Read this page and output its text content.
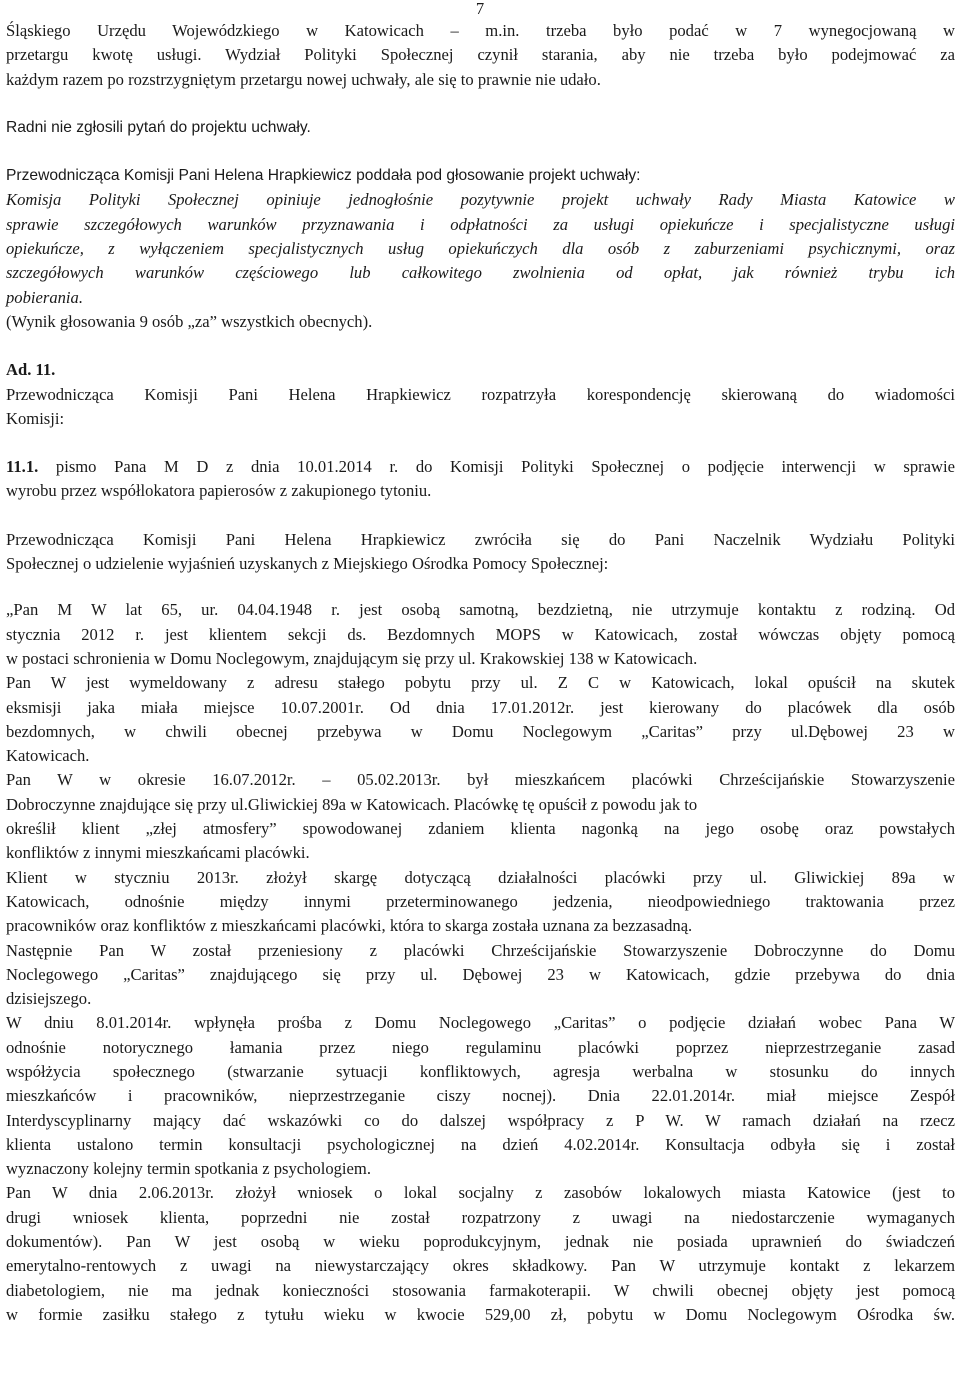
7
Śląskiego Urzędu Wojewódzkiego w Katowicach – m.in. trzeba było podać w 7 wynegocjowaną w
przetargu kwotę usługi. Wydział Polityki Społecznej czynił starania, aby nie trzeba było podejmować za
każdym razem po rozstrzygniętym przetargu nowej uchwały, ale się to prawnie nie udało.
Radni nie zgłosili pytań do projektu uchwały.
Przewodnicząca Komisji Pani Helena Hrapkiewicz poddała pod głosowanie projekt uchwały:
Komisja Polityki Społecznej opiniuje jednogłośnie pozytywnie projekt uchwały Rady Miasta Katowice w
sprawie szczegółowych warunków przyznawania i odpłatności za usługi opiekuńcze i specjalistyczne usługi
opiekuńcze, z wyłączeniem specjalistycznych usług opiekuńczych dla osób z zaburzeniami psychicznymi, oraz
szczegółowych warunków częściowego lub całkowitego zwolnienia od opłat, jak również trybu ich
pobierania.
(Wynik głosowania 9 osób „za” wszystkich obecnych).
Ad. 11.
Przewodnicząca Komisji Pani Helena Hrapkiewicz rozpatrzyła korespondencję skierowaną do wiadomości
Komisji:
11.1. pismo Pana M D z dnia 10.01.2014 r. do Komisji Polityki Społecznej o podjęcie interwencji w sprawie
wyrobu przez współlokatora papierosów z zakupionego tytoniu.
Przewodnicząca Komisji Pani Helena Hrapkiewicz zwróciła się do Pani Naczelnik Wydziału Polityki
Społecznej o udzielenie wyjaśnień uzyskanych z Miejskiego Ośrodka Pomocy Społecznej:
„Pan M W lat 65, ur. 04.04.1948 r. jest osobą samotną, bezdzietną, nie utrzymuje kontaktu z rodziną. Od
stycznia 2012 r. jest klientem sekcji ds. Bezdomnych MOPS w Katowicach, został wówczas objęty pomocą
w postaci schronienia w Domu Noclegowym, znajdującym się przy ul. Krakowskiej 138 w Katowicach.
Pan W jest wymeldowany z adresu stałego pobytu przy ul. Z C w Katowicach, lokal opuścił na skutek
eksmisji jaka miała miejsce 10.07.2001r. Od dnia 17.01.2012r. jest kierowany do placówek dla osób
bezdomnych, w chwili obecnej przebywa w Domu Noclegowym „Caritas” przy ul.Dębowej 23 w
Katowicach.
Pan W w okresie 16.07.2012r. – 05.02.2013r. był mieszkańcem placówki Chrześcijańskie Stowarzyszenie
Dobroczynne znajdujące się przy ul.Gliwickiej 89a w Katowicach. Placówkę tę opuścił z powodu jak to
określił klient „złej atmosfery” spowodowanej zdaniem klienta nagonką na jego osobę oraz powstałych
konfliktów z innymi mieszkańcami placówki.
Klient w styczniu 2013r. złożył skargę dotyczącą działalności placówki przy ul. Gliwickiej 89a w
Katowicach, odnośnie między innymi przeterminowanego jedzenia, nieodpowiedniego traktowania przez
pracowników oraz konfliktów z mieszkańcami placówki, która to skarga została uznana za bezzasadną.
Następnie Pan W został przeniesiony z placówki Chrześcijańskie Stowarzyszenie Dobroczynne do Domu
Noclegowego „Caritas” znajdującego się przy ul. Dębowej 23 w Katowicach, gdzie przebywa do dnia
dzisiejszego.
W dniu 8.01.2014r. wpłynęła prośba z Domu Noclegowego „Caritas” o podjęcie działań wobec Pana W
odnośnie notorycznego łamania przez niego regulaminu placówki poprzez nieprzestrzeganie zasad
współżycia społecznego (stwarzanie sytuacji konfliktowych, agresja werbalna w stosunku do innych
mieszkańców i pracowników, nieprzestrzeganie ciszy nocnej). Dnia 22.01.2014r. miał miejsce Zespół
Interdyscyplinarny mający dać wskazówki co do dalszej współpracy z P W. W ramach działań na rzecz
klienta ustalono termin konsultacji psychologicznej na dzień 4.02.2014r. Konsultacja odbyła się i został
wyznaczony kolejny termin spotkania z psychologiem.
Pan W dnia 2.06.2013r. złożył wniosek o lokal socjalny z zasobów lokalowych miasta Katowice (jest to
drugi wniosek klienta, poprzedni nie został rozpatrzony z uwagi na niedostarczenie wymaganych
dokumentów). Pan W jest osobą w wieku poprodukcyjnym, jednak nie posiada uprawnień do świadczeń
emerytalno-rentowych z uwagi na niewystarczający okres składkowy. Pan W utrzymuje kontakt z lekarzem
diabetologiem, nie ma jednak konieczności stosowania farmakoterapii. W chwili obecnej objęty jest pomocą
w formie zasiłku stałego z tytułu wieku w kwocie 529,00 zł, pobytu w Domu Noclegowym Ośrodka św.
